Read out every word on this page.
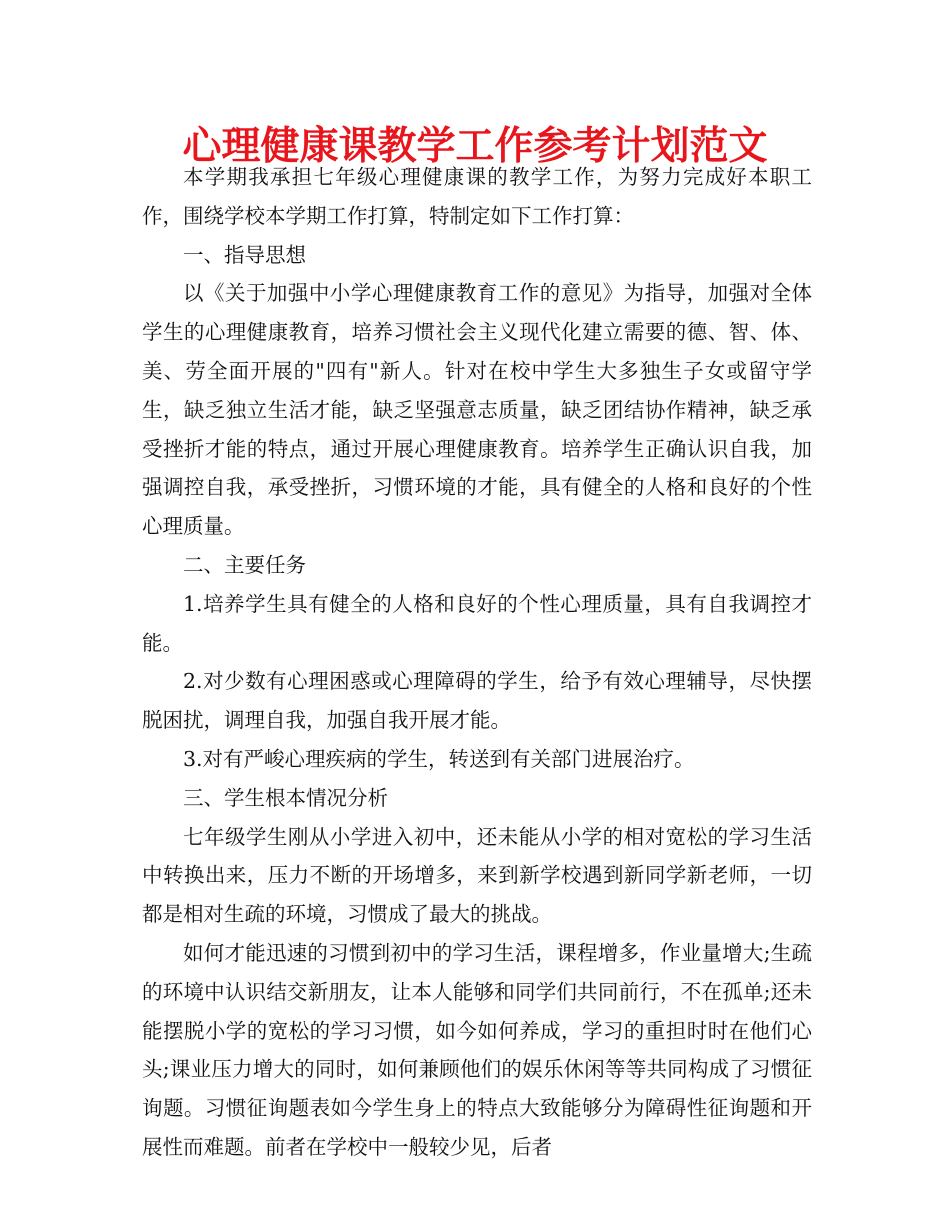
心理健康课教学工作参考计划范文

本学期我承担七年级心理健康课的教学工作，为努力完成好本职工作，围绕学校本学期工作打算，特制定如下工作打算：

一、指导思想

以《关于加强中小学心理健康教育工作的意见》为指导，加强对全体学生的心理健康教育，培养习惯社会主义现代化建立需要的德、智、体、美、劳全面开展的"四有"新人。针对在校中学生大多独生子女或留守学生，缺乏独立生活才能，缺乏坚强意志质量，缺乏团结协作精神，缺乏承受挫折才能的特点，通过开展心理健康教育。培养学生正确认识自我，加强调控自我，承受挫折，习惯环境的才能，具有健全的人格和良好的个性心理质量。

二、主要任务

1.培养学生具有健全的人格和良好的个性心理质量，具有自我调控才能。

2.对少数有心理困惑或心理障碍的学生，给予有效心理辅导，尽快摆脱困扰，调理自我，加强自我开展才能。

3.对有严峻心理疾病的学生，转送到有关部门进展治疗。

三、学生根本情况分析

七年级学生刚从小学进入初中，还未能从小学的相对宽松的学习生活中转换出来，压力不断的开场增多，来到新学校遇到新同学新老师，一切都是相对生疏的环境，习惯成了最大的挑战。

如何才能迅速的习惯到初中的学习生活，课程增多，作业量增大;生疏的环境中认识结交新朋友，让本人能够和同学们共同前行，不在孤单;还未能摆脱小学的宽松的学习习惯，如今如何养成，学习的重担时时在他们心头;课业压力增大的同时，如何兼顾他们的娱乐休闲等等共同构成了习惯征询题。习惯征询题表如今学生身上的特点大致能够分为障碍性征询题和开展性而难题。前者在学校中一般较少见，后者
